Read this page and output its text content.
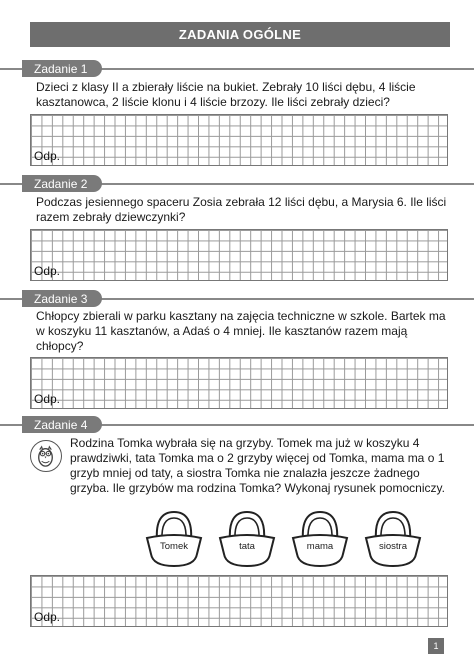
ZADANIA OGÓLNE
Zadanie 1
Dzieci z klasy II a zbierały liście na bukiet. Zebrały 10 liści dębu, 4 liście kasztanowca, 2 liście klonu i 4 liście brzozy. Ile liści zebrały dzieci?
Odp.
Zadanie 2
Podczas jesiennego spaceru Zosia zebrała 12 liści dębu, a Marysia 6. Ile liści razem zebrały dziewczynki?
Odp.
Zadanie 3
Chłopcy zbierali w parku kasztany na zajęcia techniczne w szkole. Bartek ma w koszyku 11 kasztanów, a Adaś o 4 mniej. Ile kasztanów razem mają chłopcy?
Odp.
Zadanie 4
Rodzina Tomka wybrała się na grzyby. Tomek ma już w koszyku 4 prawdziwki, tata Tomka ma o 2 grzyby więcej od Tomka, mama ma o 1 grzyb mniej od taty, a siostra Tomka nie znalazła jeszcze żadnego grzyba. Ile grzybów ma rodzina Tomka? Wykonaj rysunek pomocniczy.
Tomek	tata	mama	siostra
Odp.
1
